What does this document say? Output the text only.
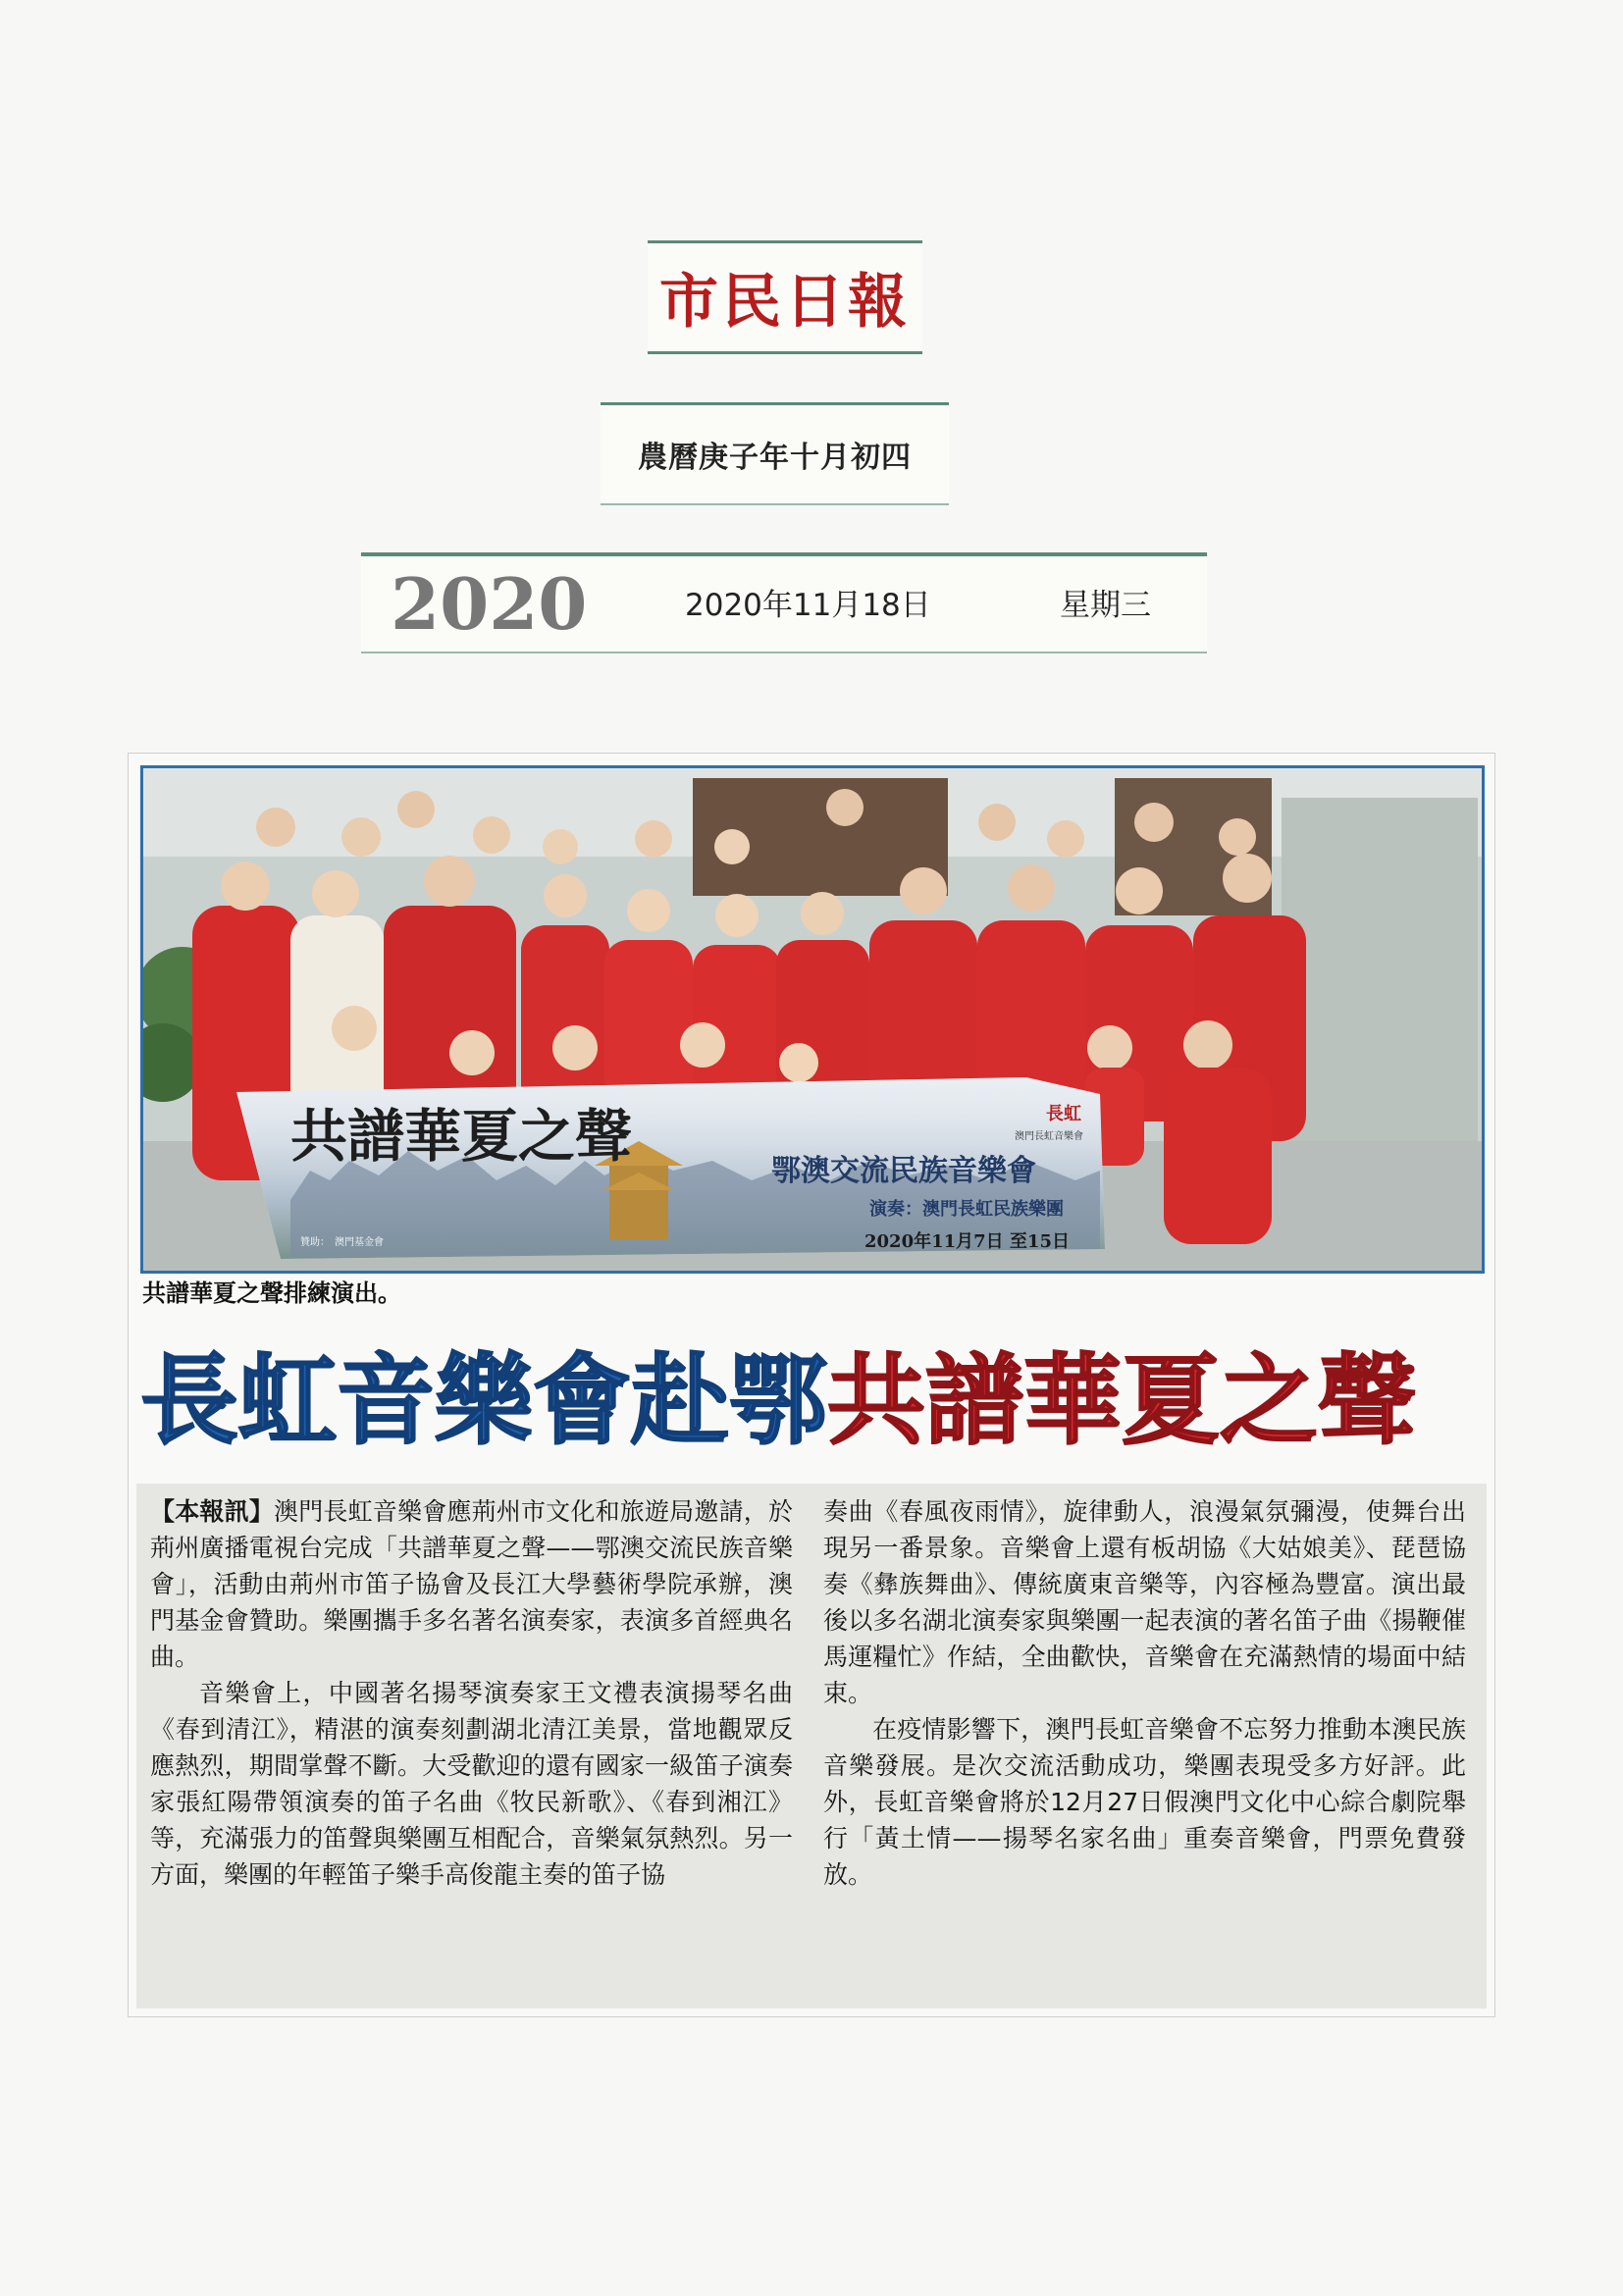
市民日報
農曆庚子年十月初四
2020	2020年11月18日	星期三
共譜華夏之聲
鄂澳交流民族音樂會
演奏：澳門長虹民族樂團
2020年11月7日 至15日
長虹
澳門長虹音樂會
贊助： 澳門基金會
共譜華夏之聲排練演出。
長虹音樂會赴鄂 共譜華夏之聲

【本報訊】澳門長虹音樂會應荊州市文化和旅遊局邀請，於荊州廣播電視台完成「共譜華夏之聲——鄂澳交流民族音樂會」，活動由荊州市笛子協會及長江大學藝術學院承辦，澳門基金會贊助。樂團攜手多名著名演奏家，表演多首經典名曲。

音樂會上，中國著名揚琴演奏家王文禮表演揚琴名曲《春到清江》，精湛的演奏刻劃湖北清江美景，當地觀眾反應熱烈，期間掌聲不斷。大受歡迎的還有國家一級笛子演奏家張紅陽帶領演奏的笛子名曲《牧民新歌》、《春到湘江》等，充滿張力的笛聲與樂團互相配合，音樂氣氛熱烈。另一方面，樂團的年輕笛子樂手高俊龍主奏的笛子協

奏曲《春風夜雨情》，旋律動人，浪漫氣氛彌漫，使舞台出現另一番景象。音樂會上還有板胡協《大姑娘美》、琵琶協奏《彝族舞曲》、傳統廣東音樂等，內容極為豐富。演出最後以多名湖北演奏家與樂團一起表演的著名笛子曲《揚鞭催馬運糧忙》作結，全曲歡快，音樂會在充滿熱情的場面中結束。

在疫情影響下，澳門長虹音樂會不忘努力推動本澳民族音樂發展。是次交流活動成功，樂團表現受多方好評。此外，長虹音樂會將於12月27日假澳門文化中心綜合劇院舉行「黃土情——揚琴名家名曲」重奏音樂會，門票免費發放。
